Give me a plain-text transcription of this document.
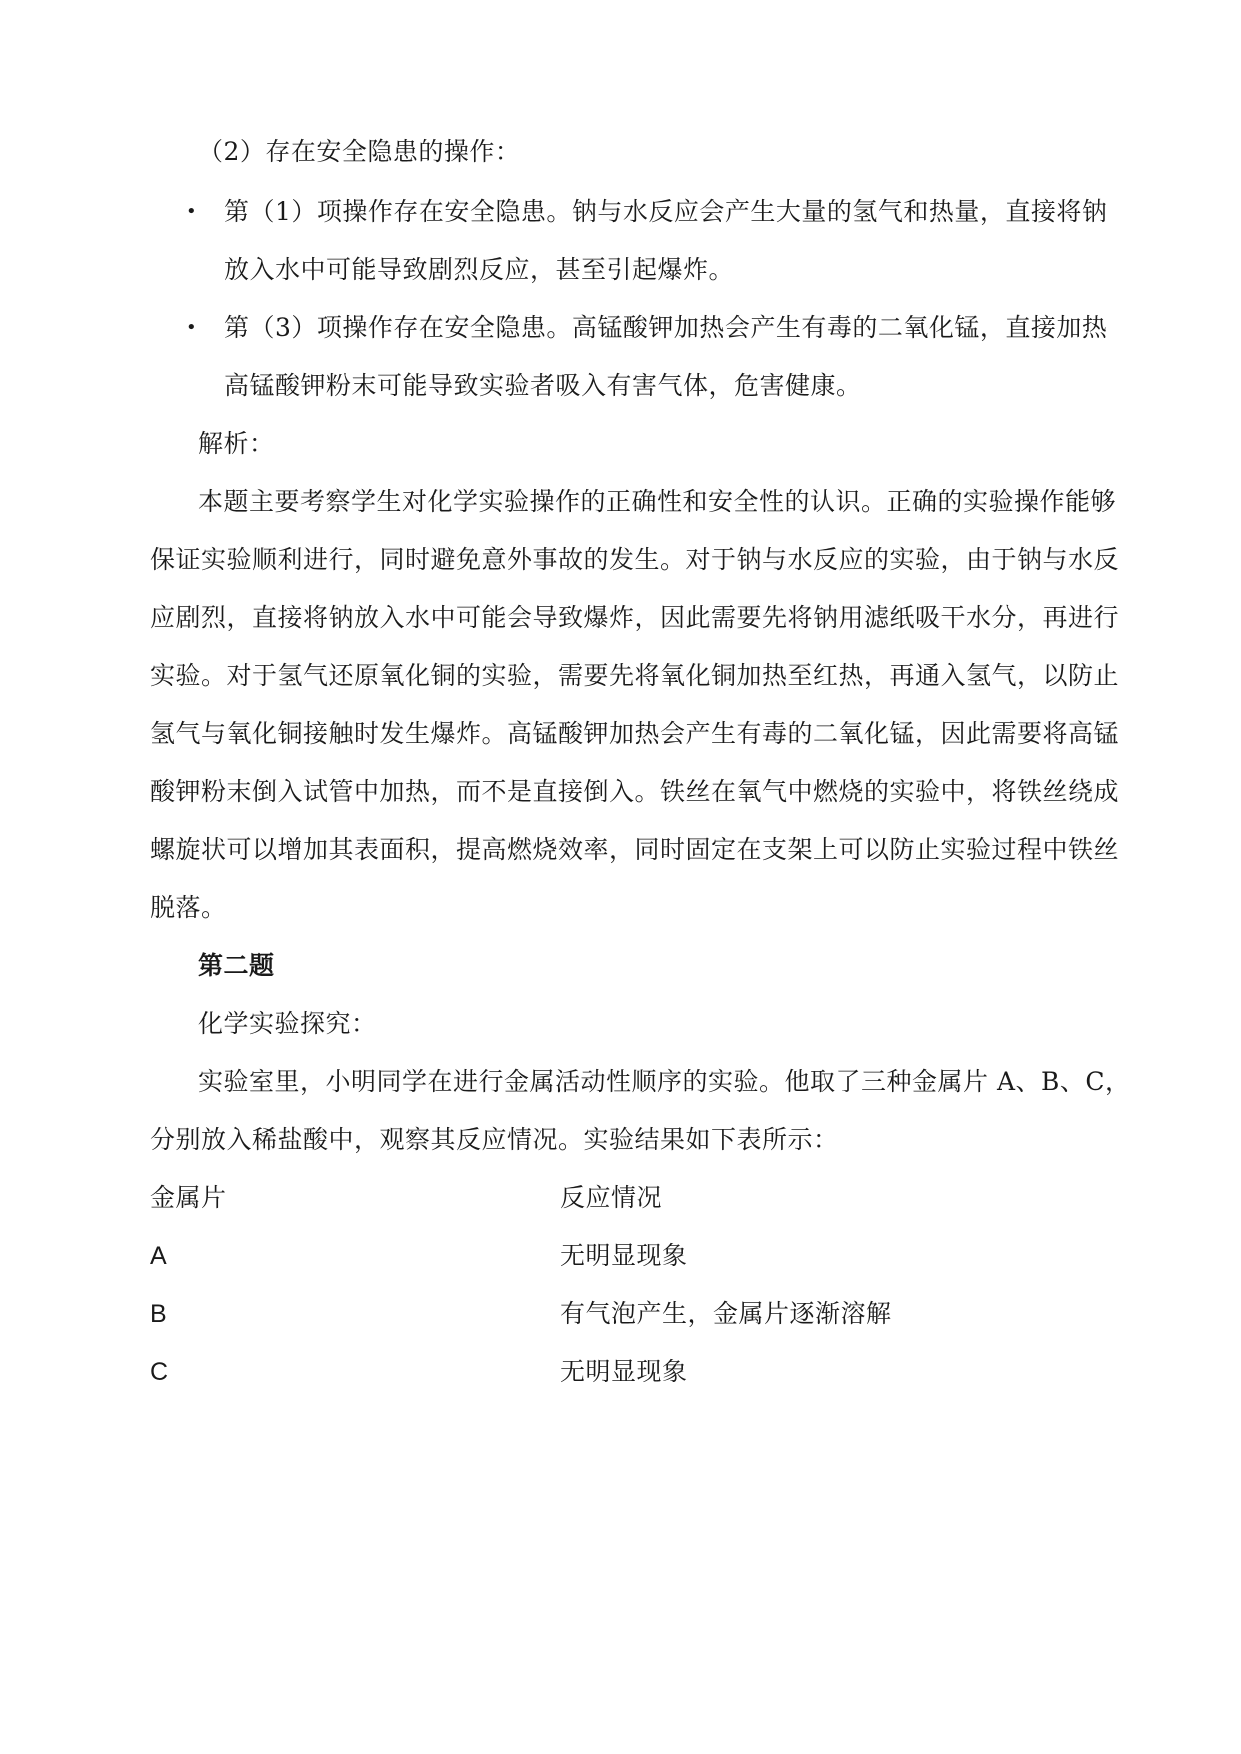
（2）存在安全隐患的操作：
• 第（1）项操作存在安全隐患。钠与水反应会产生大量的氢气和热量，直接将钠
放入水中可能导致剧烈反应，甚至引起爆炸。
• 第（3）项操作存在安全隐患。高锰酸钾加热会产生有毒的二氧化锰，直接加热
高锰酸钾粉末可能导致实验者吸入有害气体，危害健康。
解析：
本题主要考察学生对化学实验操作的正确性和安全性的认识。正确的实验操作能够
保证实验顺利进行，同时避免意外事故的发生。对于钠与水反应的实验，由于钠与水反
应剧烈，直接将钠放入水中可能会导致爆炸，因此需要先将钠用滤纸吸干水分，再进行
实验。对于氢气还原氧化铜的实验，需要先将氧化铜加热至红热，再通入氢气，以防止
氢气与氧化铜接触时发生爆炸。高锰酸钾加热会产生有毒的二氧化锰，因此需要将高锰
酸钾粉末倒入试管中加热，而不是直接倒入。铁丝在氧气中燃烧的实验中，将铁丝绕成
螺旋状可以增加其表面积，提高燃烧效率，同时固定在支架上可以防止实验过程中铁丝
脱落。
第二题
化学实验探究：
实验室里，小明同学在进行金属活动性顺序的实验。他取了三种金属片 A、B、C，
分别放入稀盐酸中，观察其反应情况。实验结果如下表所示：
金属片	反应情况
A	无明显现象
B	有气泡产生，金属片逐渐溶解
C	无明显现象
